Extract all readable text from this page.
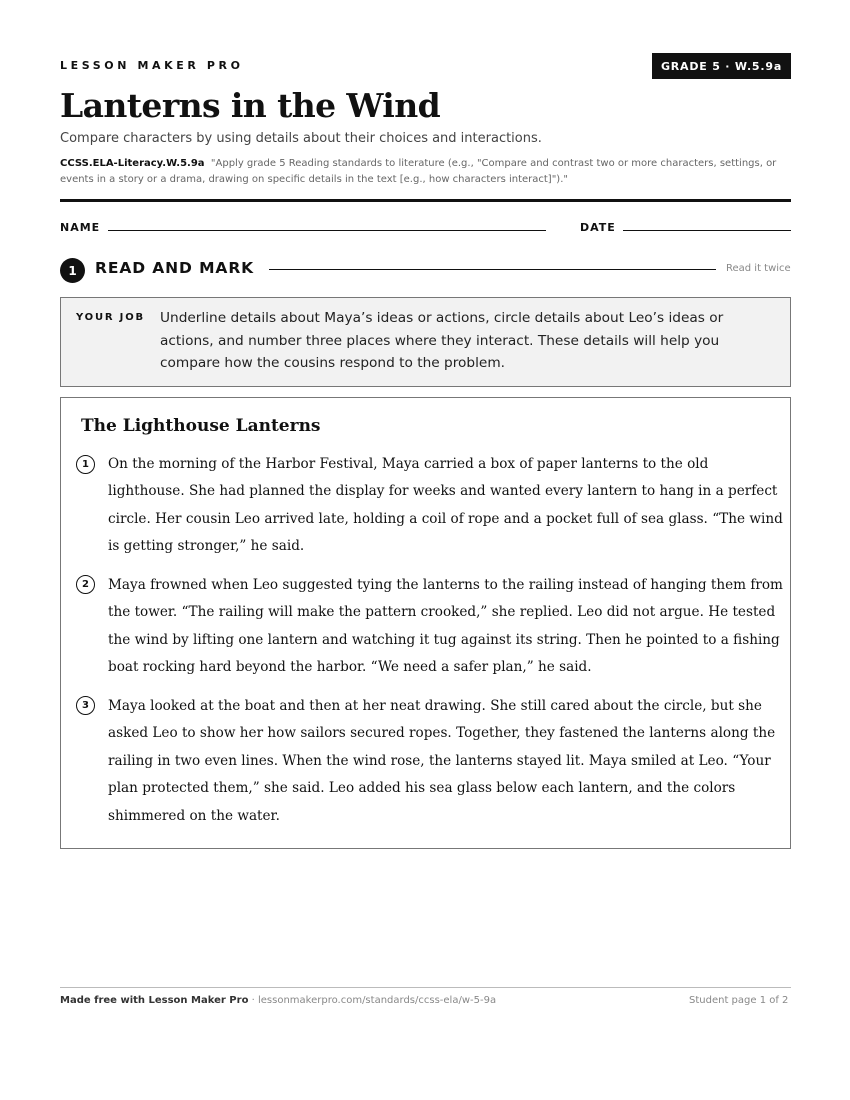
LESSON MAKER PRO	GRADE 5 · W.5.9a
Lanterns in the Wind
Compare characters by using details about their choices and interactions.
CCSS.ELA-Literacy.W.5.9a "Apply grade 5 Reading standards to literature (e.g., "Compare and contrast two or more characters, settings, or events in a story or a drama, drawing on specific details in the text [e.g., how characters interact]")."
NAME	DATE
1	READ AND MARK	Read it twice
YOUR JOB Underline details about Maya’s ideas or actions, circle details about Leo’s ideas or actions, and number three places where they interact. These details will help you compare how the cousins respond to the problem.
The Lighthouse Lanterns
1	On the morning of the Harbor Festival, Maya carried a box of paper lanterns to the old lighthouse. She had planned the display for weeks and wanted every lantern to hang in a perfect circle. Her cousin Leo arrived late, holding a coil of rope and a pocket full of sea glass. “The wind is getting stronger,” he said.
2	Maya frowned when Leo suggested tying the lanterns to the railing instead of hanging them from the tower. “The railing will make the pattern crooked,” she replied. Leo did not argue. He tested the wind by lifting one lantern and watching it tug against its string. Then he pointed to a fishing boat rocking hard beyond the harbor. “We need a safer plan,” he said.
3	Maya looked at the boat and then at her neat drawing. She still cared about the circle, but she asked Leo to show her how sailors secured ropes. Together, they fastened the lanterns along the railing in two even lines. When the wind rose, the lanterns stayed lit. Maya smiled at Leo. “Your plan protected them,” she said. Leo added his sea glass below each lantern, and the colors shimmered on the water.
Made free with Lesson Maker Pro · lessonmakerpro.com/standards/ccss-ela/w-5-9a	Student page 1 of 2
